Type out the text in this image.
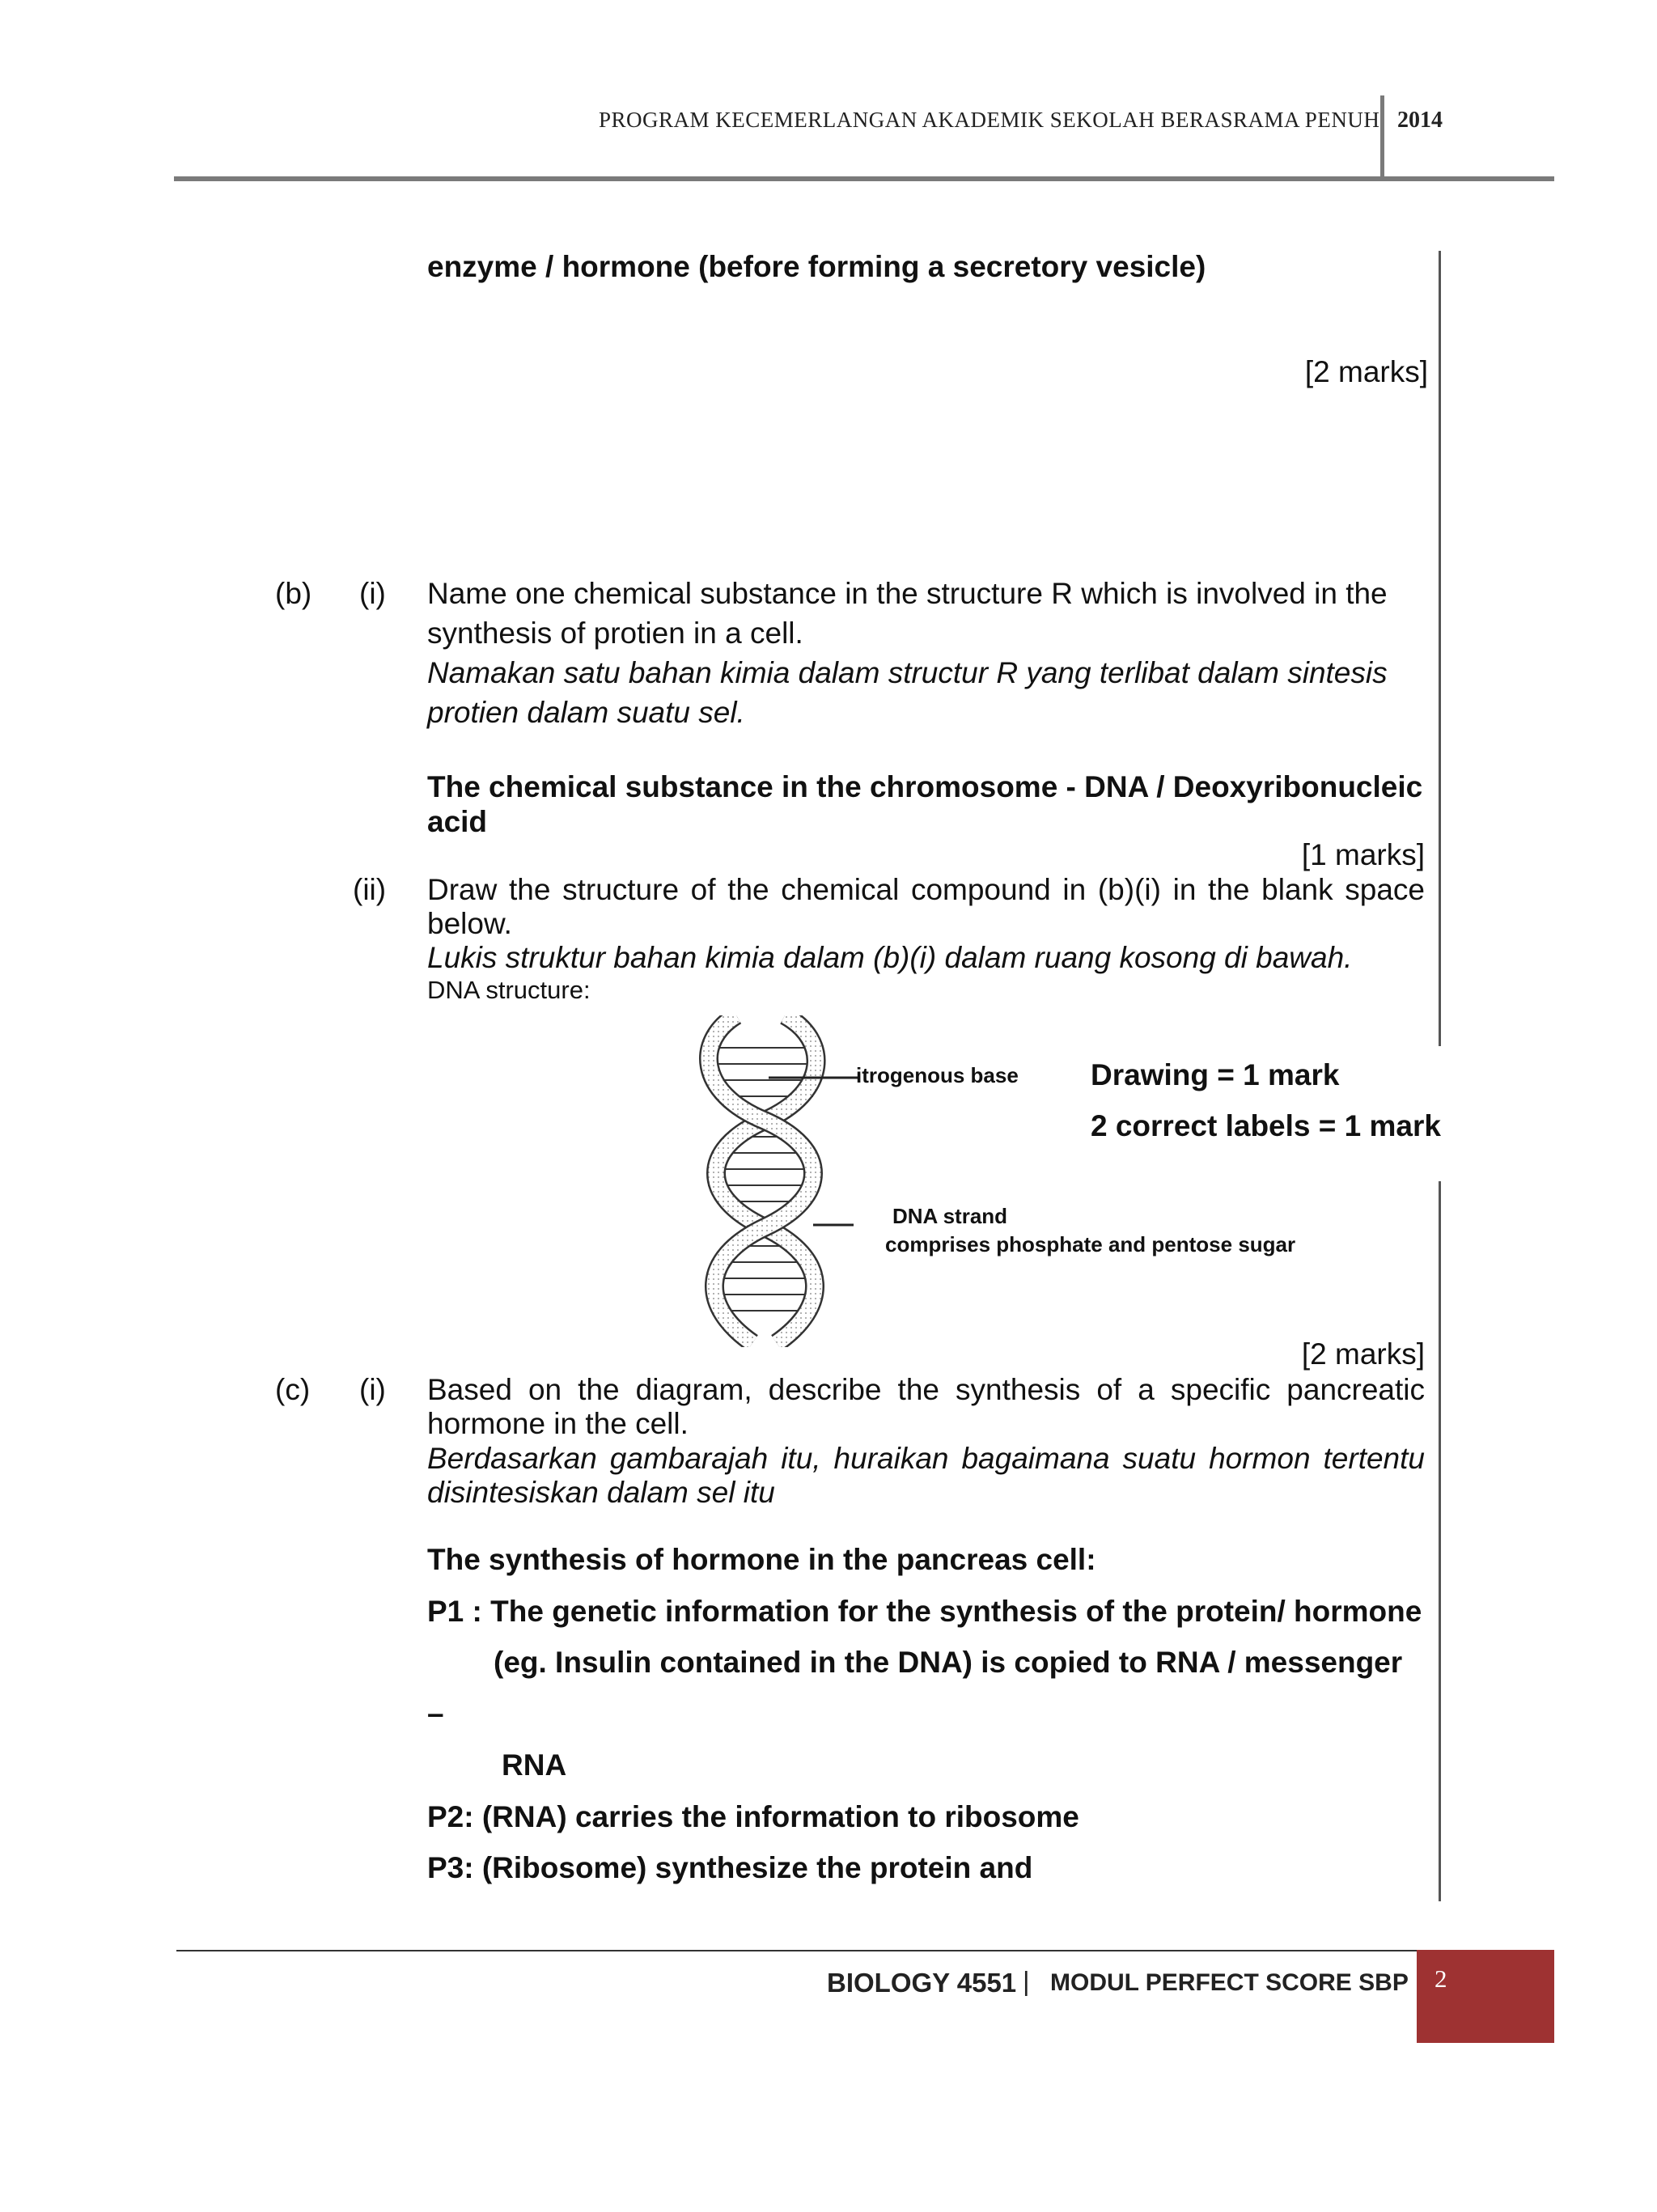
PROGRAM KECEMERLANGAN AKADEMIK SEKOLAH BERASRAMA PENUH 2014
enzyme / hormone (before forming a secretory vesicle)
[2 marks]
(b) (i) Name one chemical substance in the structure R which is involved in the
synthesis of protien in a cell.
Namakan satu bahan kimia dalam structur R yang terlibat dalam sintesis
protien dalam suatu sel.
The chemical substance in the chromosome - DNA / Deoxyribonucleic
acid
[1 marks]
(ii) Draw the structure of the chemical compound in (b)(i) in the blank space
below.
Lukis struktur bahan kimia dalam (b)(i) dalam ruang kosong di bawah.
DNA structure:
itrogenous base
DNA strand
comprises phosphate and pentose sugar
Drawing = 1 mark
2 correct labels = 1 mark
[2 marks]
(c) (i) Based on the diagram, describe the synthesis of a specific pancreatic
hormone in the cell.
Berdasarkan gambarajah itu, huraikan bagaimana suatu hormon tertentu
disintesiskan dalam sel itu
The synthesis of hormone in the pancreas cell:
P1 : The genetic information for the synthesis of the protein/ hormone
(eg. Insulin contained in the DNA) is copied to RNA / messenger
–
RNA
P2: (RNA) carries the information to ribosome
P3: (Ribosome) synthesize the protein and
BIOLOGY 4551 | MODUL PERFECT SCORE SBP 2
